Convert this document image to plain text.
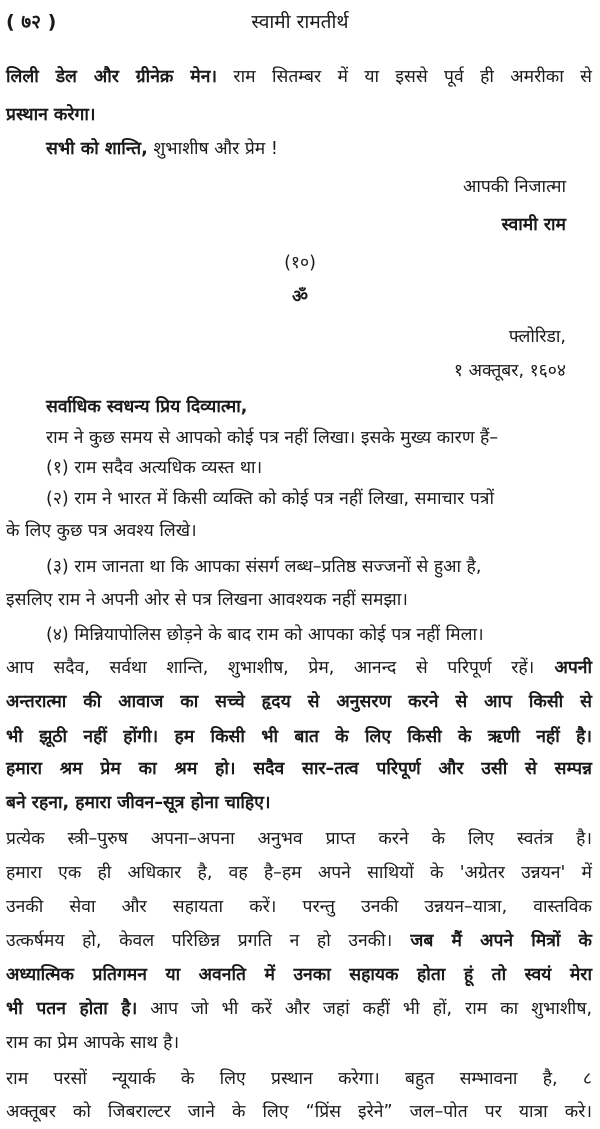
( ७२ )	स्वामी रामतीर्थ
लिली डेल और ग्रीनेक्र मेन। राम सितम्बर में या इससे पूर्व ही अमरीका से
प्रस्थान करेगा।
सभी को शान्ति, शुभाशीष और प्रेम !
आपकी निजात्मा
स्वामी राम
(१०)
ॐ
फ्लोरिडा,
१ अक्तूबर, १६०४
सर्वाधिक स्वधन्य प्रिय दिव्यात्मा,
राम ने कुछ समय से आपको कोई पत्र नहीं लिखा। इसके मुख्य कारण हैं–
(१) राम सदैव अत्यधिक व्यस्त था।
(२) राम ने भारत में किसी व्यक्ति को कोई पत्र नहीं लिखा, समाचार पत्रों
के लिए कुछ पत्र अवश्य लिखे।
(३) राम जानता था कि आपका संसर्ग लब्ध–प्रतिष्ठ सज्जनों से हुआ है,
इसलिए राम ने अपनी ओर से पत्र लिखना आवश्यक नहीं समझा।
(४) मिन्नियापोलिस छोड़ने के बाद राम को आपका कोई पत्र नहीं मिला।
आप सदैव, सर्वथा शान्ति, शुभाशीष, प्रेम, आनन्द से परिपूर्ण रहें। अपनी
अन्तरात्मा की आवाज का सच्चे हृदय से अनुसरण करने से आप किसी से
भी झूठी नहीं होंगी। हम किसी भी बात के लिए किसी के ऋणी नहीं है।
हमारा श्रम प्रेम का श्रम हो। सदैव सार–तत्व परिपूर्ण और उसी से सम्पन्न
बने रहना, हमारा जीवन–सूत्र होना चाहिए।
प्रत्येक स्त्री–पुरुष अपना–अपना अनुभव प्राप्त करने के लिए स्वतंत्र है।
हमारा एक ही अधिकार है, वह है–हम अपने साथियों के 'अग्रेतर उन्नयन' में
उनकी सेवा और सहायता करें। परन्तु उनकी उन्नयन–यात्रा, वास्तविक
उत्कर्षमय हो, केवल परिछिन्न प्रगति न हो उनकी। जब मैं अपने मित्रों के
अध्यात्मिक प्रतिगमन या अवनति में उनका सहायक होता हूं तो स्वयं मेरा
भी पतन होता है। आप जो भी करें और जहां कहीं भी हों, राम का शुभाशीष,
राम का प्रेम आपके साथ है।
राम परसों न्यूयार्क के लिए प्रस्थान करेगा। बहुत सम्भावना है, ८
अक्तूबर को जिबराल्टर जाने के लिए “प्रिंस इरेने” जल–पोत पर यात्रा करे।
